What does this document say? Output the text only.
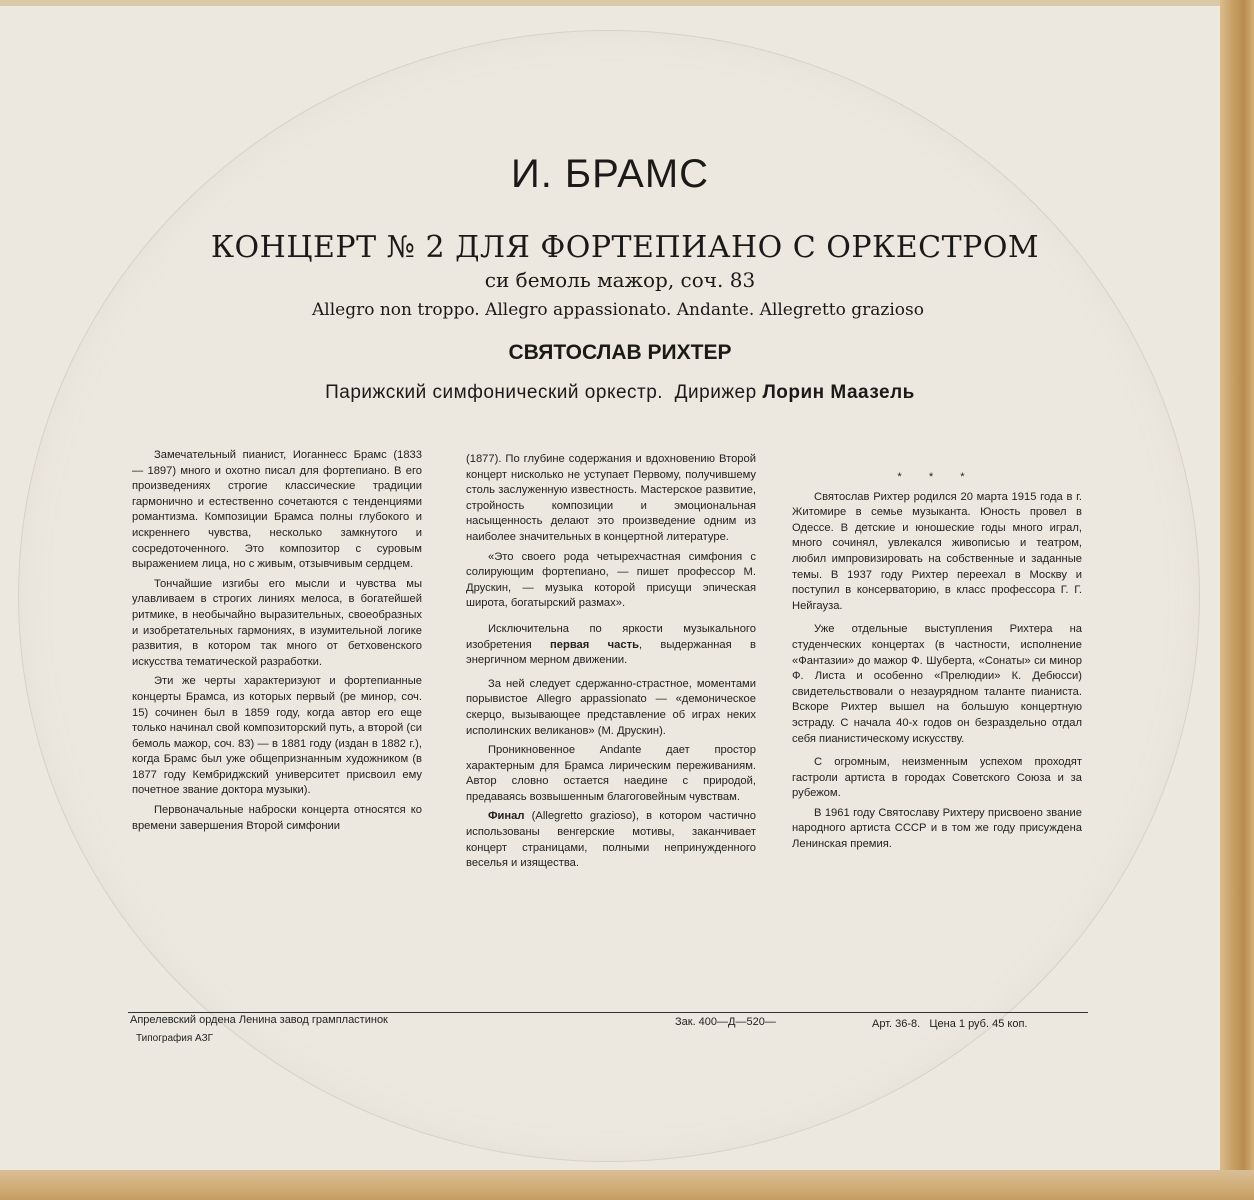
И. БРАМС
КОНЦЕРТ № 2 ДЛЯ ФОРТЕПИАНО С ОРКЕСТРОМ
си бемоль мажор, соч. 83
Allegro non troppo. Allegro appassionato. Andante. Allegretto grazioso
СВЯТОСЛАВ РИХТЕР
Парижский симфонический оркестр. Дирижер Лорин Маазель

Замечательный пианист, Иоганнесс Брамс (1833 — 1897) много и охотно писал для фортепиано. В его произведениях строгие классические традиции гармонично и естественно сочетаются с тенденциями романтизма. Композиции Брамса полны глубокого и искреннего чувства, несколько замкнутого и сосредоточенного. Это композитор с суровым выражением лица, но с живым, отзывчивым сердцем.

Тончайшие изгибы его мысли и чувства мы улавливаем в строгих линиях мелоса, в богатейшей ритмике, в необычайно выразительных, своеобразных и изобретательных гармониях, в изумительной логике развития, в котором так много от бетховенского искусства тематической разработки.

Эти же черты характеризуют и фортепианные концерты Брамса, из которых первый (ре минор, соч. 15) сочинен был в 1859 году, когда автор его еще только начинал свой композиторский путь, а второй (си бемоль мажор, соч. 83) — в 1881 году (издан в 1882 г.), когда Брамс был уже общепризнанным художником (в 1877 году Кембриджский университет присвоил ему почетное звание доктора музыки).

Первоначальные наброски концерта относятся ко времени завершения Второй симфонии

(1877). По глубине содержания и вдохновению Второй концерт нисколько не уступает Первому, получившему столь заслуженную известность. Мастерское развитие, стройность композиции и эмоциональная насыщенность делают это произведение одним из наиболее значительных в концертной литературе.

«Это своего рода четырехчастная симфония с солирующим фортепиано, — пишет профессор М. Друскин, — музыка которой присущи эпическая широта, богатырский размах».

Исключительна по яркости музыкального изобретения первая часть, выдержанная в энергичном мерном движении.

За ней следует сдержанно-страстное, моментами порывистое Allegro appassionato — «демоническое скерцо, вызывающее представление об играх неких исполинских великанов» (М. Друскин).

Проникновенное Andante дает простор характерным для Брамса лирическим переживаниям. Автор словно остается наедине с природой, предаваясь возвышенным благоговейным чувствам.

Финал (Allegretto grazioso), в котором частично использованы венгерские мотивы, заканчивает концерт страницами, полными непринужденного веселья и изящества.

* * *

Святослав Рихтер родился 20 марта 1915 года в г. Житомире в семье музыканта. Юность провел в Одессе. В детские и юношеские годы много играл, много сочинял, увлекался живописью и театром, любил импровизировать на собственные и заданные темы. В 1937 году Рихтер переехал в Москву и поступил в консерваторию, в класс профессора Г. Г. Нейгауза.

Уже отдельные выступления Рихтера на студенческих концертах (в частности, исполнение «Фантазии» до мажор Ф. Шуберта, «Сонаты» си минор Ф. Листа и особенно «Прелюдии» К. Дебюсси) свидетельствовали о незаурядном таланте пианиста. Вскоре Рихтер вышел на большую концертную эстраду. С начала 40-х годов он безраздельно отдал себя пианистическому искусству.

С огромным, неизменным успехом проходят гастроли артиста в городах Советского Союза и за рубежом.

В 1961 году Святославу Рихтеру присвоено звание народного артиста СССР и в том же году присуждена Ленинская премия.

Апрелевский ордена Ленина завод грампластинок
Типография АЗГ
Зак. 400—Д—520—	Арт. 36-8. Цена 1 руб. 45 коп.
